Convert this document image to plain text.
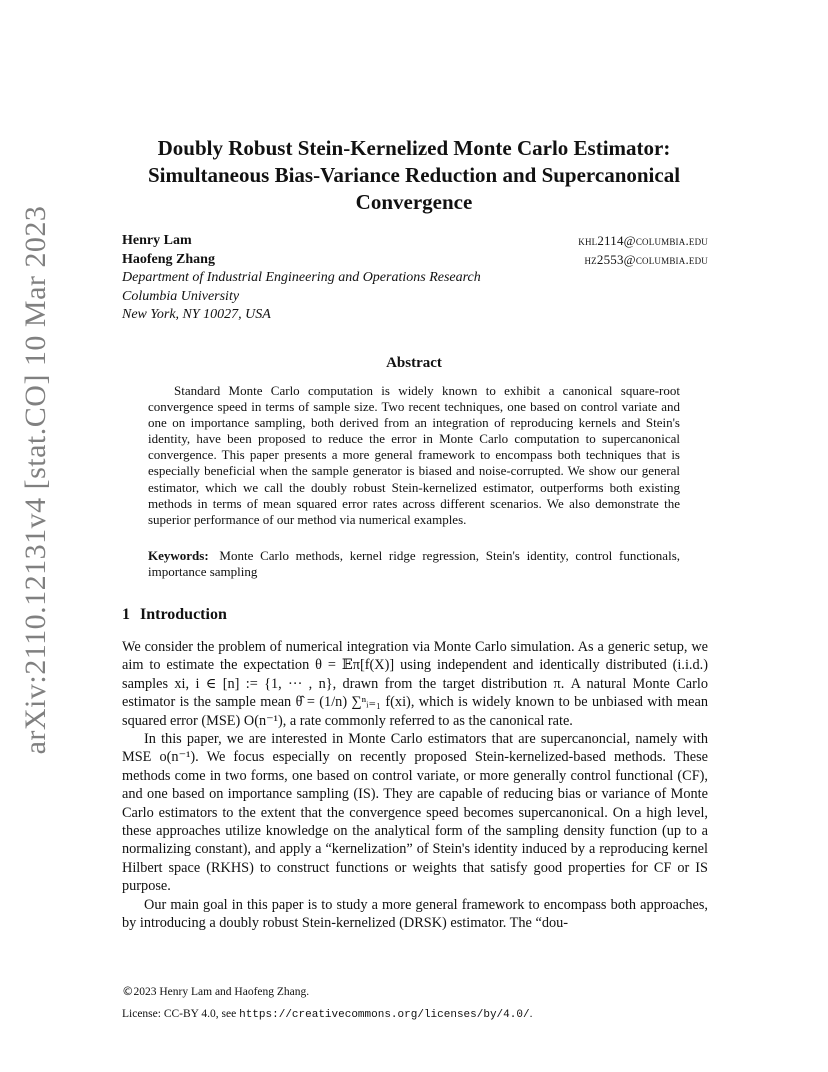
arXiv:2110.12131v4 [stat.CO] 10 Mar 2023
Doubly Robust Stein-Kernelized Monte Carlo Estimator:
Simultaneous Bias-Variance Reduction and Supercanonical
Convergence
Henry Lam	khl2114@columbia.edu
Haofeng Zhang	hz2553@columbia.edu
Department of Industrial Engineering and Operations Research
Columbia University
New York, NY 10027, USA
Abstract

Standard Monte Carlo computation is widely known to exhibit a canonical square-root convergence speed in terms of sample size. Two recent techniques, one based on control variate and one on importance sampling, both derived from an integration of reproducing kernels and Stein's identity, have been proposed to reduce the error in Monte Carlo computation to supercanonical convergence. This paper presents a more general framework to encompass both techniques that is especially beneficial when the sample generator is biased and noise-corrupted. We show our general estimator, which we call the doubly robust Stein-kernelized estimator, outperforms both existing methods in terms of mean squared error rates across different scenarios. We also demonstrate the superior performance of our method via numerical examples.

Keywords: Monte Carlo methods, kernel ridge regression, Stein's identity, control functionals, importance sampling
1 Introduction

We consider the problem of numerical integration via Monte Carlo simulation. As a generic setup, we aim to estimate the expectation θ = 𝔼π[f(X)] using independent and identically distributed (i.i.d.) samples xi, i ∈ [n] := {1, ··· , n}, drawn from the target distribution π. A natural Monte Carlo estimator is the sample mean θ̂ = (1/n) ∑ⁿᵢ₌₁ f(xi), which is widely known to be unbiased with mean squared error (MSE) O(n⁻¹), a rate commonly referred to as the canonical rate.

In this paper, we are interested in Monte Carlo estimators that are supercanoncial, namely with MSE o(n⁻¹). We focus especially on recently proposed Stein-kernelized-based methods. These methods come in two forms, one based on control variate, or more generally control functional (CF), and one based on importance sampling (IS). They are capable of reducing bias or variance of Monte Carlo estimators to the extent that the convergence speed becomes supercanonical. On a high level, these approaches utilize knowledge on the analytical form of the sampling density function (up to a normalizing constant), and apply a “kernelization” of Stein's identity induced by a reproducing kernel Hilbert space (RKHS) to construct functions or weights that satisfy good properties for CF or IS purpose.

Our main goal in this paper is to study a more general framework to encompass both approaches, by introducing a doubly robust Stein-kernelized (DRSK) estimator. The “dou-

©2023 Henry Lam and Haofeng Zhang.
License: CC-BY 4.0, see https://creativecommons.org/licenses/by/4.0/.
